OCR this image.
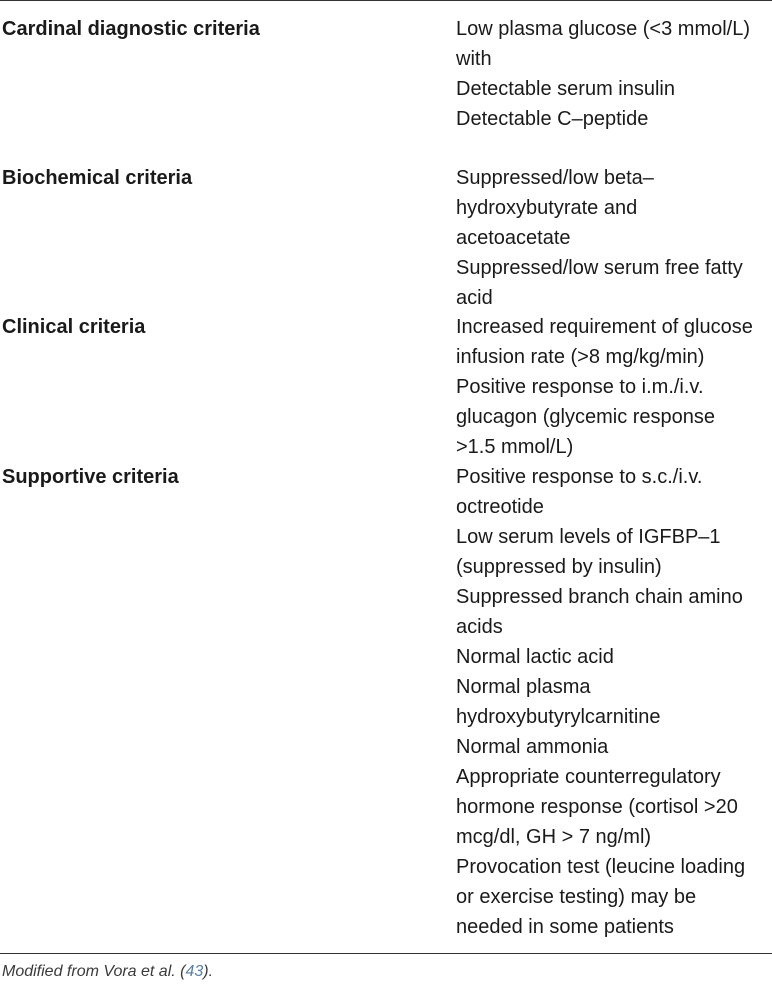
Cardinal diagnostic criteria	Low plasma glucose (<3 mmol/L) with
Detectable serum insulin
Detectable C–peptide
Biochemical criteria	Suppressed/low beta– hydroxybutyrate and acetoacetate
Suppressed/low serum free fatty acid
Clinical criteria	Increased requirement of glucose infusion rate (>8 mg/kg/min)
Positive response to i.m./i.v. glucagon (glycemic response >1.5 mmol/L)
Supportive criteria	Positive response to s.c./i.v. octreotide
Low serum levels of IGFBP–1 (suppressed by insulin)
Suppressed branch chain amino acids
Normal lactic acid
Normal plasma hydroxybutyrylcarnitine
Normal ammonia
Appropriate counterregulatory hormone response (cortisol >20 mcg/dl, GH > 7 ng/ml)
Provocation test (leucine loading or exercise testing) may be needed in some patients
Modified from Vora et al. (43).
